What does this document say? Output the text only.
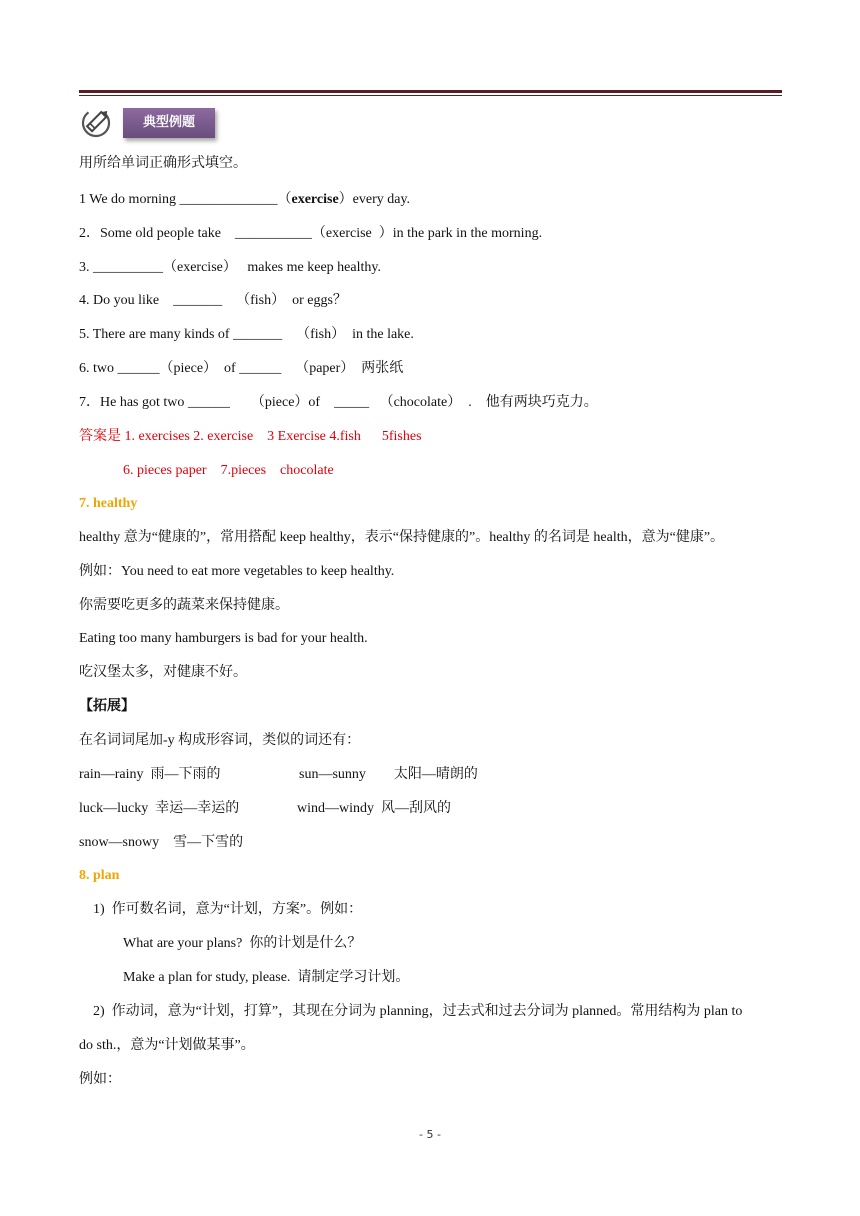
典型例题

用所给单词正确形式填空。

1 We do morning ______________（exercise）every day.

2．Some old people take    ___________（exercise  ）in the park in the morning.

3. __________（exercise）   makes me keep healthy.

4. Do you like    _______    （fish）  or eggs？

5. There are many kinds of _______    （fish）  in the lake.

6. two ______（piece）  of ______    （paper）  两张纸

7．He has got two ______      （piece）of    _____   （chocolate）  .    他有两块巧克力。

答案是 1. exercises 2. exercise    3 Exercise 4.fish      5fishes

6. pieces paper    7.pieces    chocolate

7. healthy

healthy 意为“健康的”，常用搭配 keep healthy，表示“保持健康的”。healthy 的名词是 health，意为“健康”。

例如：You need to eat more vegetables to keep healthy.

你需要吃更多的蔬菜来保持健康。

Eating too many hamburgers is bad for your health.

吃汉堡太多，对健康不好。

【拓展】

在名词词尾加-y 构成形容词，类似的词还有：

rain—rainy  雨—下雨的	sun—sunny        太阳—晴朗的

luck—lucky  幸运—幸运的	wind—windy  风—刮风的

snow—snowy    雪—下雪的

8. plan

1)  作可数名词，意为“计划，方案”。例如：

What are your plans?  你的计划是什么？

Make a plan for study, please.  请制定学习计划。

2)  作动词，意为“计划，打算”，其现在分词为 planning，过去式和过去分词为 planned。常用结构为 plan to

do sth.，意为“计划做某事”。

例如：

- 5 -
